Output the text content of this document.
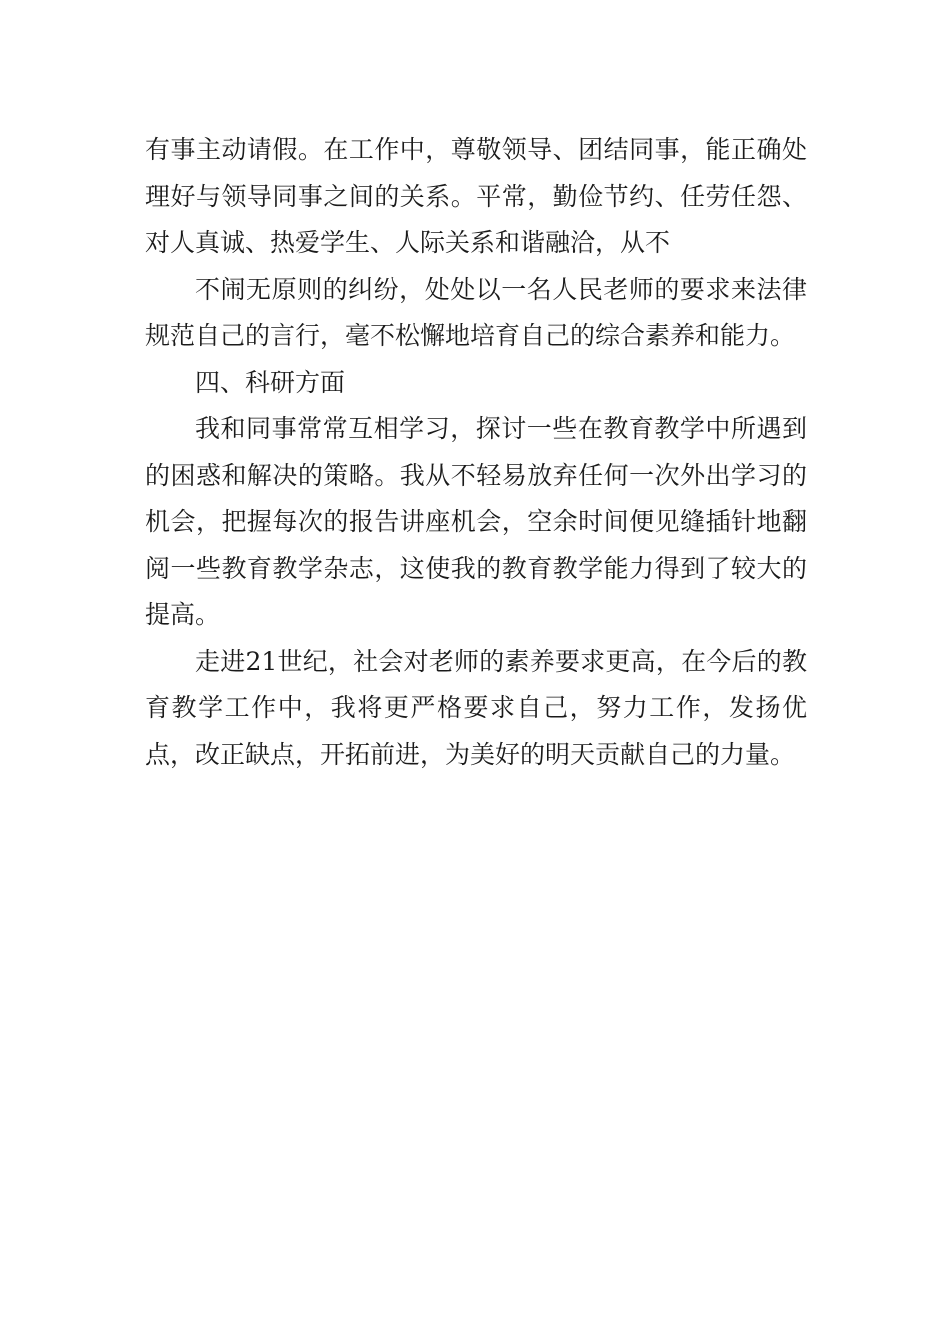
有事主动请假。在工作中，尊敬领导、团结同事，能正确处理好与领导同事之间的关系。平常，勤俭节约、任劳任怨、对人真诚、热爱学生、人际关系和谐融洽，从不

不闹无原则的纠纷，处处以一名人民老师的要求来法律规范自己的言行，毫不松懈地培育自己的综合素养和能力。

四、科研方面

我和同事常常互相学习，探讨一些在教育教学中所遇到的困惑和解决的策略。我从不轻易放弃任何一次外出学习的机会，把握每次的报告讲座机会，空余时间便见缝插针地翻阅一些教育教学杂志，这使我的教育教学能力得到了较大的提高。

走进21世纪，社会对老师的素养要求更高，在今后的教育教学工作中，我将更严格要求自己，努力工作，发扬优点，改正缺点，开拓前进，为美好的明天贡献自己的力量。
